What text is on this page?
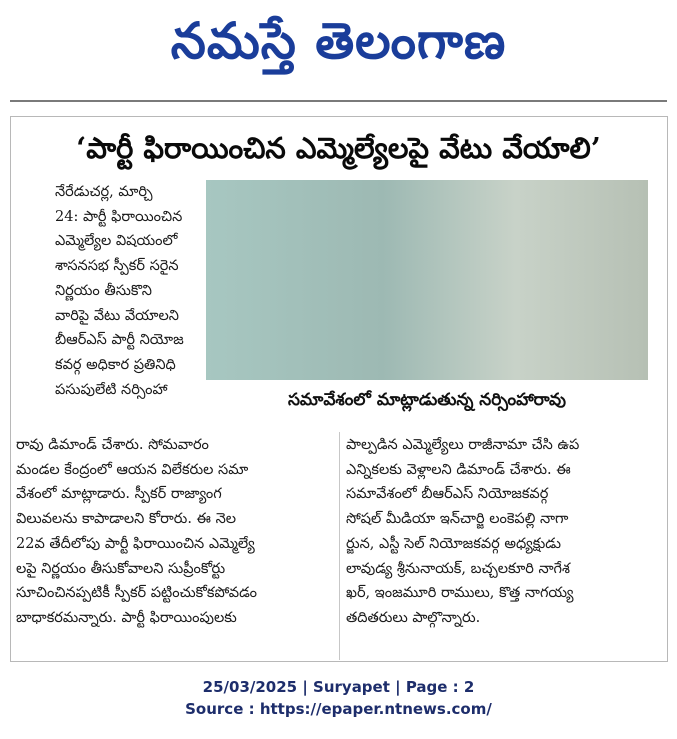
నమస్తే తెలంగాణ
‘పార్టీ ఫిరాయించిన ఎమ్మెల్యేలపై వేటు వేయాలి’
నేరేడుచర్ల, మార్చి
24: పార్టీ ఫిరాయించిన
ఎమ్మెల్యేల విషయంలో
శాసనసభ స్పీకర్ సరైన
నిర్ణయం తీసుకొని
వారిపై వేటు వేయాలని
బీఆర్ఎస్ పార్టీ నియోజ
కవర్గ అధికార ప్రతినిధి
పసుపులేటి నర్సింహా
సమావేశంలో మాట్లాడుతున్న నర్సింహారావు
రావు డిమాండ్ చేశారు. సోమవారం
మండల కేంద్రంలో ఆయన విలేకరుల సమా
వేశంలో మాట్లాడారు. స్పీకర్ రాజ్యాంగ
విలువలను కాపాడాలని కోరారు. ఈ నెల
22వ తేదీలోపు పార్టీ ఫిరాయించిన ఎమ్మెల్యే
లపై నిర్ణయం తీసుకోవాలని సుప్రీంకోర్టు
సూచించినప్పటికీ స్పీకర్ పట్టించుకోకపోవడం
బాధాకరమన్నారు. పార్టీ ఫిరాయింపులకు
పాల్పడిన ఎమ్మెల్యేలు రాజీనామా చేసి ఉప
ఎన్నికలకు వెళ్లాలని డిమాండ్ చేశారు. ఈ
సమావేశంలో బీఆర్ఎస్ నియోజకవర్గ
సోషల్ మీడియా ఇన్‌చార్జి లంకెపల్లి నాగా
ర్జున, ఎస్టీ సెల్ నియోజకవర్గ అధ్యక్షుడు
లావుడ్య శ్రీనునాయక్, బచ్చలకూరి నాగేశ
ఖర్, ఇంజమూరి రాములు, కొత్త నాగయ్య
తదితరులు పాల్గొన్నారు.
25/03/2025 | Suryapet | Page : 2
Source : https://epaper.ntnews.com/
